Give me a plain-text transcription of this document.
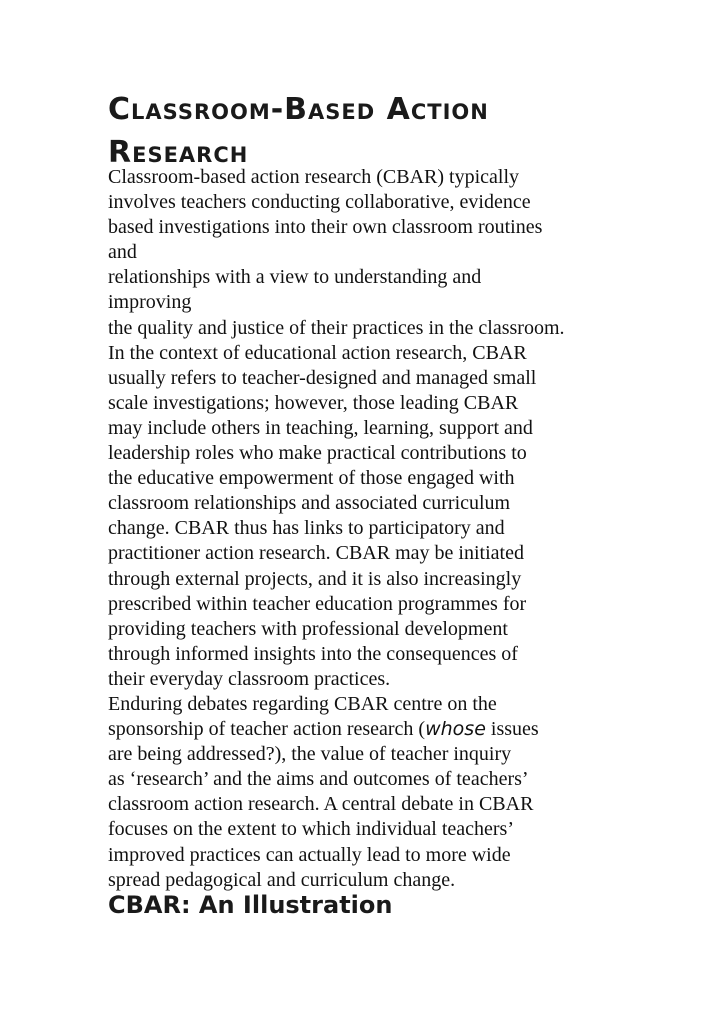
Classroom-Based Action
Research
Classroom-based action research (CBAR) typically
involves teachers conducting collaborative, evidence
based investigations into their own classroom routines
and
relationships with a view to understanding and
improving
the quality and justice of their practices in the classroom.
In the context of educational action research, CBAR
usually refers to teacher-designed and managed small
scale investigations; however, those leading CBAR
may include others in teaching, learning, support and
leadership roles who make practical contributions to
the educative empowerment of those engaged with
classroom relationships and associated curriculum
change. CBAR thus has links to participatory and
practitioner action research. CBAR may be initiated
through external projects, and it is also increasingly
prescribed within teacher education programmes for
providing teachers with professional development
through informed insights into the consequences of
their everyday classroom practices.
Enduring debates regarding CBAR centre on the
sponsorship of teacher action research (whose issues
are being addressed?), the value of teacher inquiry
as ‘research’ and the aims and outcomes of teachers’
classroom action research. A central debate in CBAR
focuses on the extent to which individual teachers’
improved practices can actually lead to more wide
spread pedagogical and curriculum change.
CBAR: An Illustration
